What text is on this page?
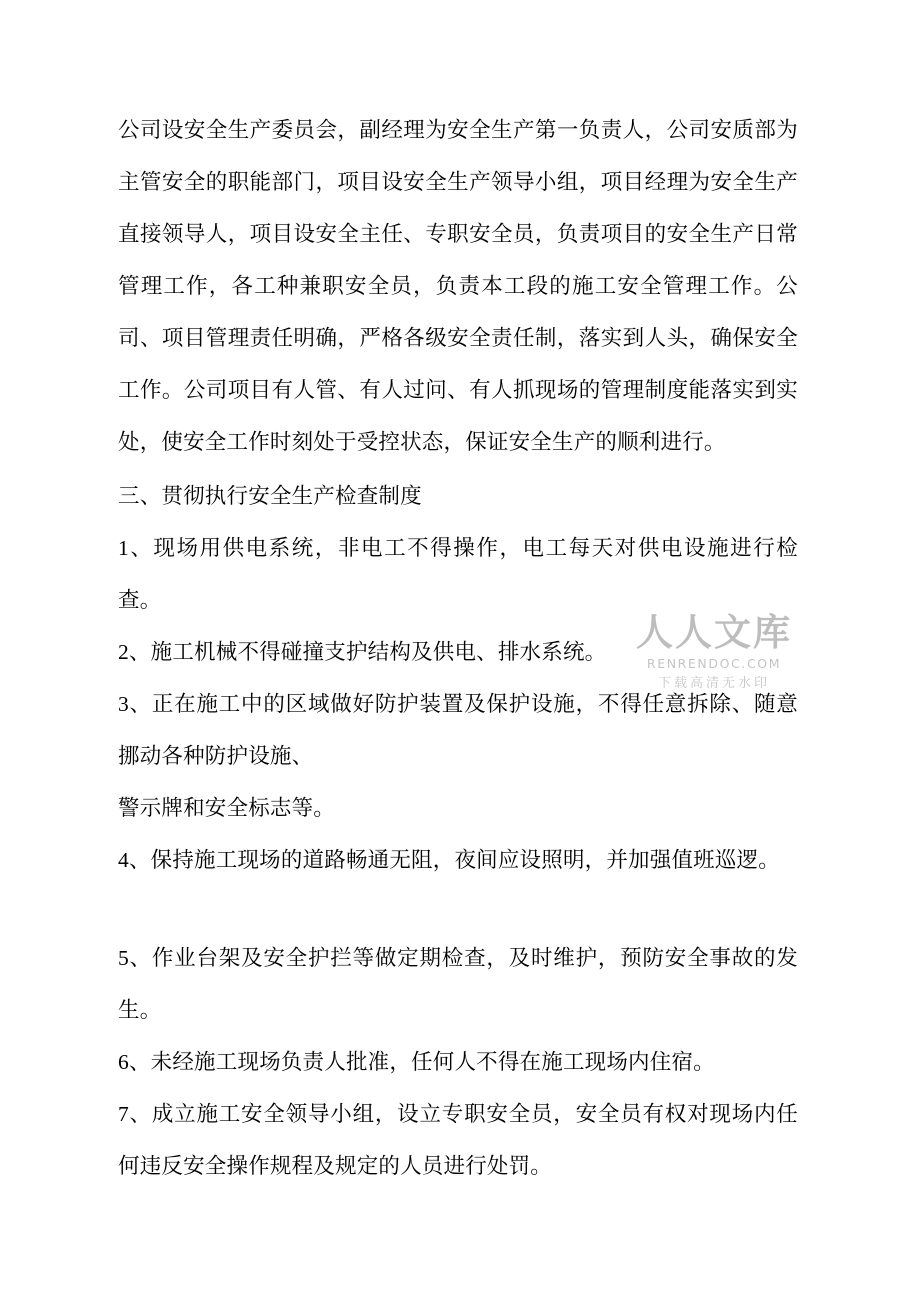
公司设安全生产委员会，副经理为安全生产第一负责人，公司安质部为主管安全的职能部门，项目设安全生产领导小组，项目经理为安全生产直接领导人，项目设安全主任、专职安全员，负责项目的安全生产日常管理工作，各工种兼职安全员，负责本工段的施工安全管理工作。公司、项目管理责任明确，严格各级安全责任制，落实到人头，确保安全工作。公司项目有人管、有人过问、有人抓现场的管理制度能落实到实处，使安全工作时刻处于受控状态，保证安全生产的顺利进行。

三、贯彻执行安全生产检查制度

1、现场用供电系统，非电工不得操作，电工每天对供电设施进行检查。

2、施工机械不得碰撞支护结构及供电、排水系统。

3、正在施工中的区域做好防护装置及保护设施，不得任意拆除、随意挪动各种防护设施、

警示牌和安全标志等。

4、保持施工现场的道路畅通无阻，夜间应设照明，并加强值班巡逻。

5、作业台架及安全护拦等做定期检查，及时维护，预防安全事故的发生。

6、未经施工现场负责人批准，任何人不得在施工现场内住宿。

7、成立施工安全领导小组，设立专职安全员，安全员有权对现场内任何违反安全操作规程及规定的人员进行处罚。

人人文库
RENRENDOC.COM
下载高清无水印
